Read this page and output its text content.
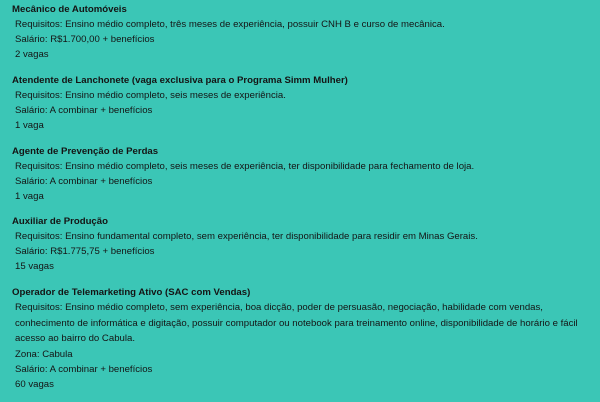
Mecânico de Automóveis
Requisitos: Ensino médio completo, três meses de experiência, possuir CNH B e curso de mecânica.
Salário: R$1.700,00 + benefícios
2 vagas
Atendente de Lanchonete (vaga exclusiva para o Programa Simm Mulher)
Requisitos: Ensino médio completo, seis meses de experiência.
Salário: A combinar + benefícios
1 vaga
Agente de Prevenção de Perdas
Requisitos: Ensino médio completo, seis meses de experiência, ter disponibilidade para fechamento de loja.
Salário: A combinar + benefícios
1 vaga
Auxiliar de Produção
Requisitos: Ensino fundamental completo, sem experiência, ter disponibilidade para residir em Minas Gerais.
Salário: R$1.775,75 + benefícios
15 vagas
Operador de Telemarketing Ativo (SAC com Vendas)
Requisitos: Ensino médio completo, sem experiência, boa dicção, poder de persuasão, negociação, habilidade com vendas, conhecimento de informática e digitação, possuir computador ou notebook para treinamento online, disponibilidade de horário e fácil acesso ao bairro do Cabula.
Zona: Cabula
Salário: A combinar + benefícios
60 vagas
